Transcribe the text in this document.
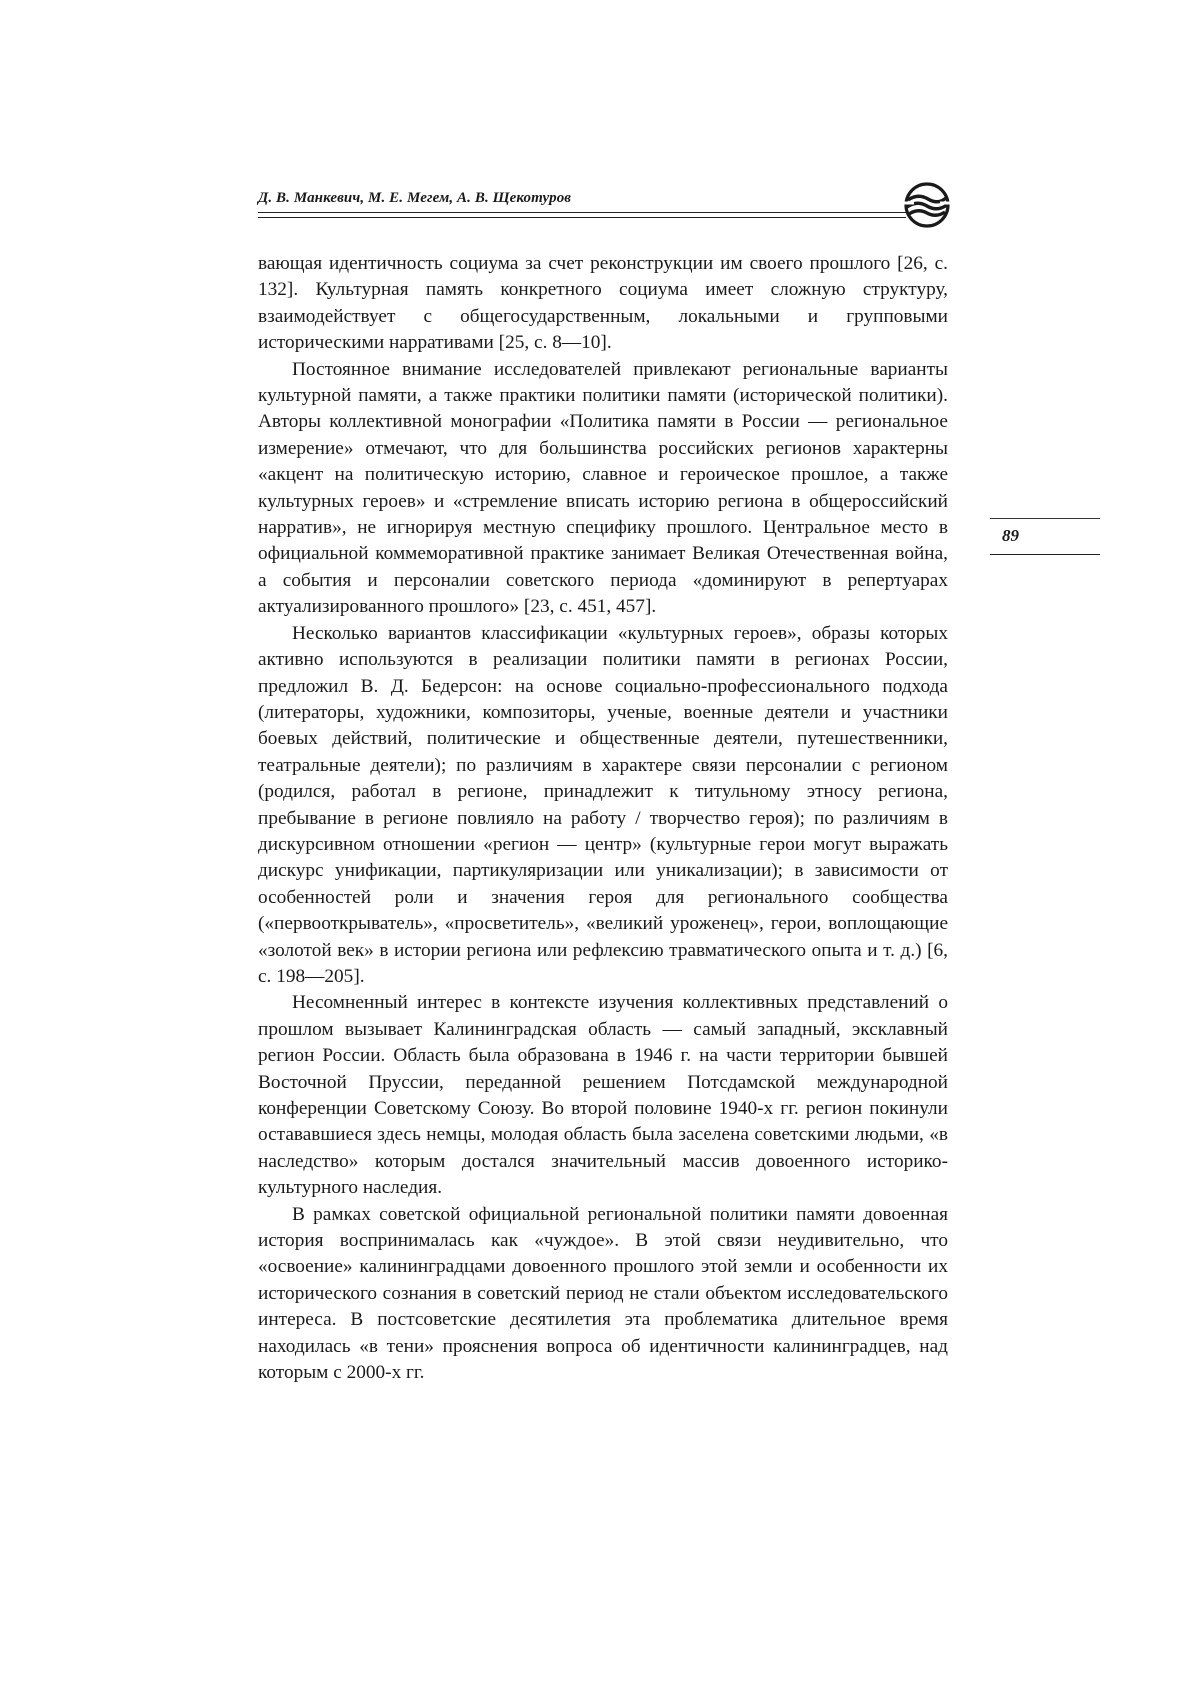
Д. В. Манкевич, М. Е. Мегем, А. В. Щекотуров

вающая идентичность социума за счет реконструкции им своего прошлого [26, с. 132]. Культурная память конкретного социума имеет сложную структуру, взаимодействует с общегосударственным, локальными и групповыми историческими нарративами [25, с. 8—10].

Постоянное внимание исследователей привлекают региональные варианты культурной памяти, а также практики политики памяти (исторической политики). Авторы коллективной монографии «Политика памяти в России — региональное измерение» отмечают, что для большинства российских регионов характерны «акцент на политическую историю, славное и героическое прошлое, а также культурных героев» и «стремление вписать историю региона в общероссийский нарратив», не игнорируя местную специфику прошлого. Центральное место в официальной коммеморативной практике занимает Великая Отечественная война, а события и персоналии советского периода «доминируют в репертуарах актуализированного прошлого» [23, с. 451, 457].

Несколько вариантов классификации «культурных героев», образы которых активно используются в реализации политики памяти в регионах России, предложил В. Д. Бедерсон: на основе социально-профессионального подхода (литераторы, художники, композиторы, ученые, военные деятели и участники боевых действий, политические и общественные деятели, путешественники, театральные деятели); по различиям в характере связи персоналии с регионом (родился, работал в регионе, принадлежит к титульному этносу региона, пребывание в регионе повлияло на работу / творчество героя); по различиям в дискурсивном отношении «регион — центр» (культурные герои могут выражать дискурс унификации, партикуляризации или уникализации); в зависимости от особенностей роли и значения героя для регионального сообщества («первооткрыватель», «просветитель», «великий уроженец», герои, воплощающие «золотой век» в истории региона или рефлексию травматического опыта и т. д.) [6, с. 198—205].

Несомненный интерес в контексте изучения коллективных представлений о прошлом вызывает Калининградская область — самый западный, эксклавный регион России. Область была образована в 1946 г. на части территории бывшей Восточной Пруссии, переданной решением Потсдамской международной конференции Советскому Союзу. Во второй половине 1940-х гг. регион покинули остававшиеся здесь немцы, молодая область была заселена советскими людьми, «в наследство» которым достался значительный массив довоенного историко-культурного наследия.

В рамках советской официальной региональной политики памяти довоенная история воспринималась как «чуждое». В этой связи неудивительно, что «освоение» калининградцами довоенного прошлого этой земли и особенности их исторического сознания в советский период не стали объектом исследовательского интереса. В постсоветские десятилетия эта проблематика длительное время находилась «в тени» прояснения вопроса об идентичности калининградцев, над которым с 2000-х гг.

89
